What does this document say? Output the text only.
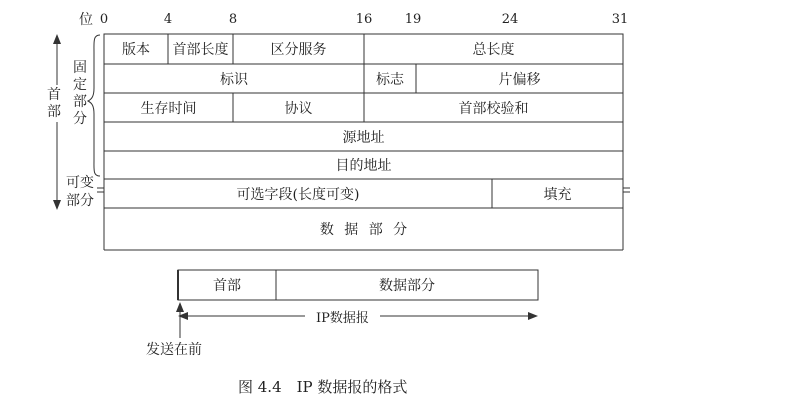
位 0	4	8	16 19	24	31
首
部
固
定
部
分
可变
部分
版本	首部长度	区分服务	总长度
标识	标志	片偏移
生存时间	协议	首部校验和
源地址
目的地址
可选字段(长度可变)	填充
数 据 部 分
首部	数据部分
IP数据报
发送在前
图 4.4　IP 数据报的格式
